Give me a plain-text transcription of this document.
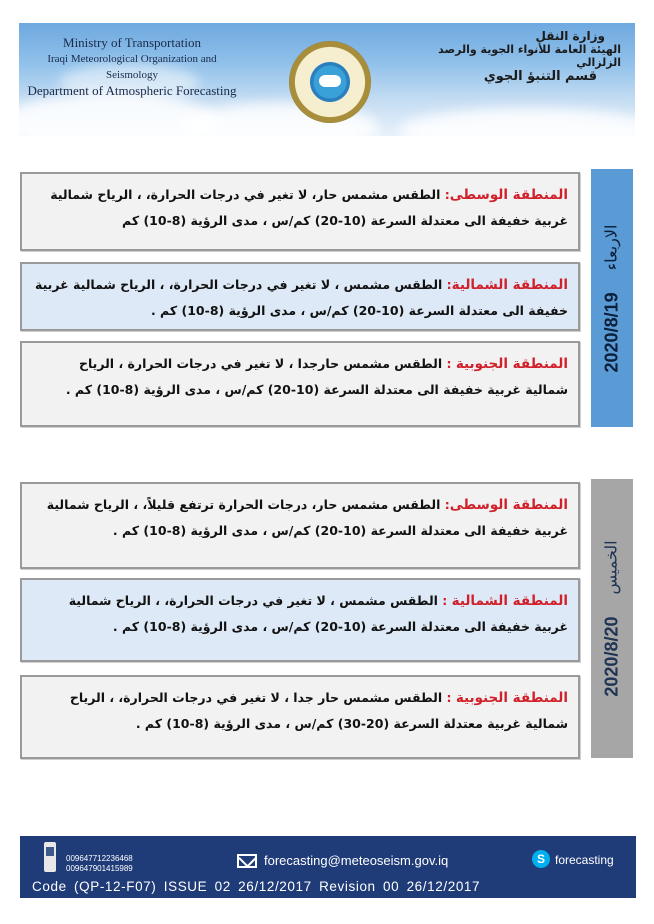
Ministry of Transportation
Iraqi Meteorological Organization and Seismology
Department of Atmospheric Forecasting
وزارة النقل
الهيئة العامة للأنواء الجوية والرصد الزلزالي
قسم التنبؤ الجوي
الاربعاء
2020/8/19
المنطقة الوسطى: الطقس مشمس حار، لا تغير في درجات الحرارة، ، الرياح شمالية غربية خفيفة الى معتدلة السرعة (10-20) كم/س ، مدى الرؤية (8-10) كم
المنطقة الشمالية: الطقس مشمس ، لا تغير في درجات الحرارة، ، الرياح شمالية غربية خفيفة الى معتدلة السرعة (10-20) كم/س ، مدى الرؤية (8-10) كم .
المنطقة الجنوبية : الطقس مشمس حارجدا ، لا تغير في درجات الحرارة ، الرياح شمالية غربية خفيفة الى معتدلة السرعة (10-20) كم/س ، مدى الرؤية (8-10) كم .
الخميس
2020/8/20
المنطقة الوسطى: الطقس مشمس حار، درجات الحرارة ترتفع قليلاً، ، الرياح شمالية غربية خفيفة الى معتدلة السرعة (10-20) كم/س ، مدى الرؤية (8-10) كم .
المنطقة الشمالية : الطقس مشمس ، لا تغير في درجات الحرارة، ، الرياح شمالية غربية خفيفة الى معتدلة السرعة (10-20) كم/س ، مدى الرؤية (8-10) كم .
المنطقة الجنوبية : الطقس مشمس حار جدا ، لا تغير في درجات الحرارة، ، الرياح شمالية غربية معتدلة السرعة (20-30) كم/س ، مدى الرؤية (8-10) كم .
009647712236468
009647901415989
forecasting@meteoseism.gov.iq	S forecasting
Code (QP-12-F07) ISSUE 02 26/12/2017 Revision 00 26/12/2017
